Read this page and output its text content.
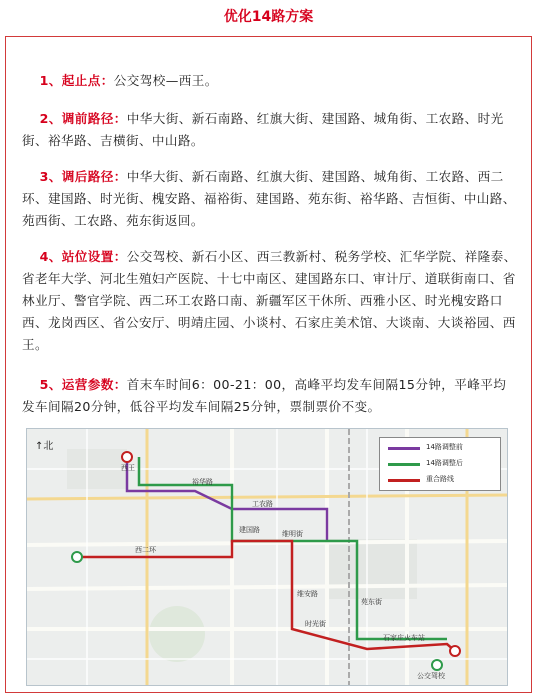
优化14路方案
1、起止点：公交驾校—西王。
2、调前路径：中华大街、新石南路、红旗大街、建国路、城角街、工农路、时光街、裕华路、吉横街、中山路。
3、调后路径：中华大街、新石南路、红旗大街、建国路、城角街、工农路、西二环、建国路、时光街、槐安路、福裕街、建国路、苑东街、裕华路、吉恒街、中山路、苑西街、工农路、苑东街返回。
4、站位设置：公交驾校、新石小区、西三教新村、税务学校、汇华学院、祥隆泰、省老年大学、河北生殖妇产医院、十七中南区、建国路东口、审计厅、道联街南口、省林业厅、警官学院、西二环工农路口南、新疆军区干休所、西雅小区、时光槐安路口西、龙岗西区、省公安厅、明靖庄园、小谈村、石家庄美术馆、大谈南、大谈裕园、西王。
5、运营参数：首末车时间6：00-21：00，高峰平均发车间隔15分钟，平峰平均发车间隔20分钟，低谷平均发车间隔25分钟，票制票价不变。
↑北	14路调整前
14路调整后
重合路线
西王
裕华路
工农路
维明街
西二环
建国路
维安路
苑东街
时光街
石家庄火车站
公交驾校
